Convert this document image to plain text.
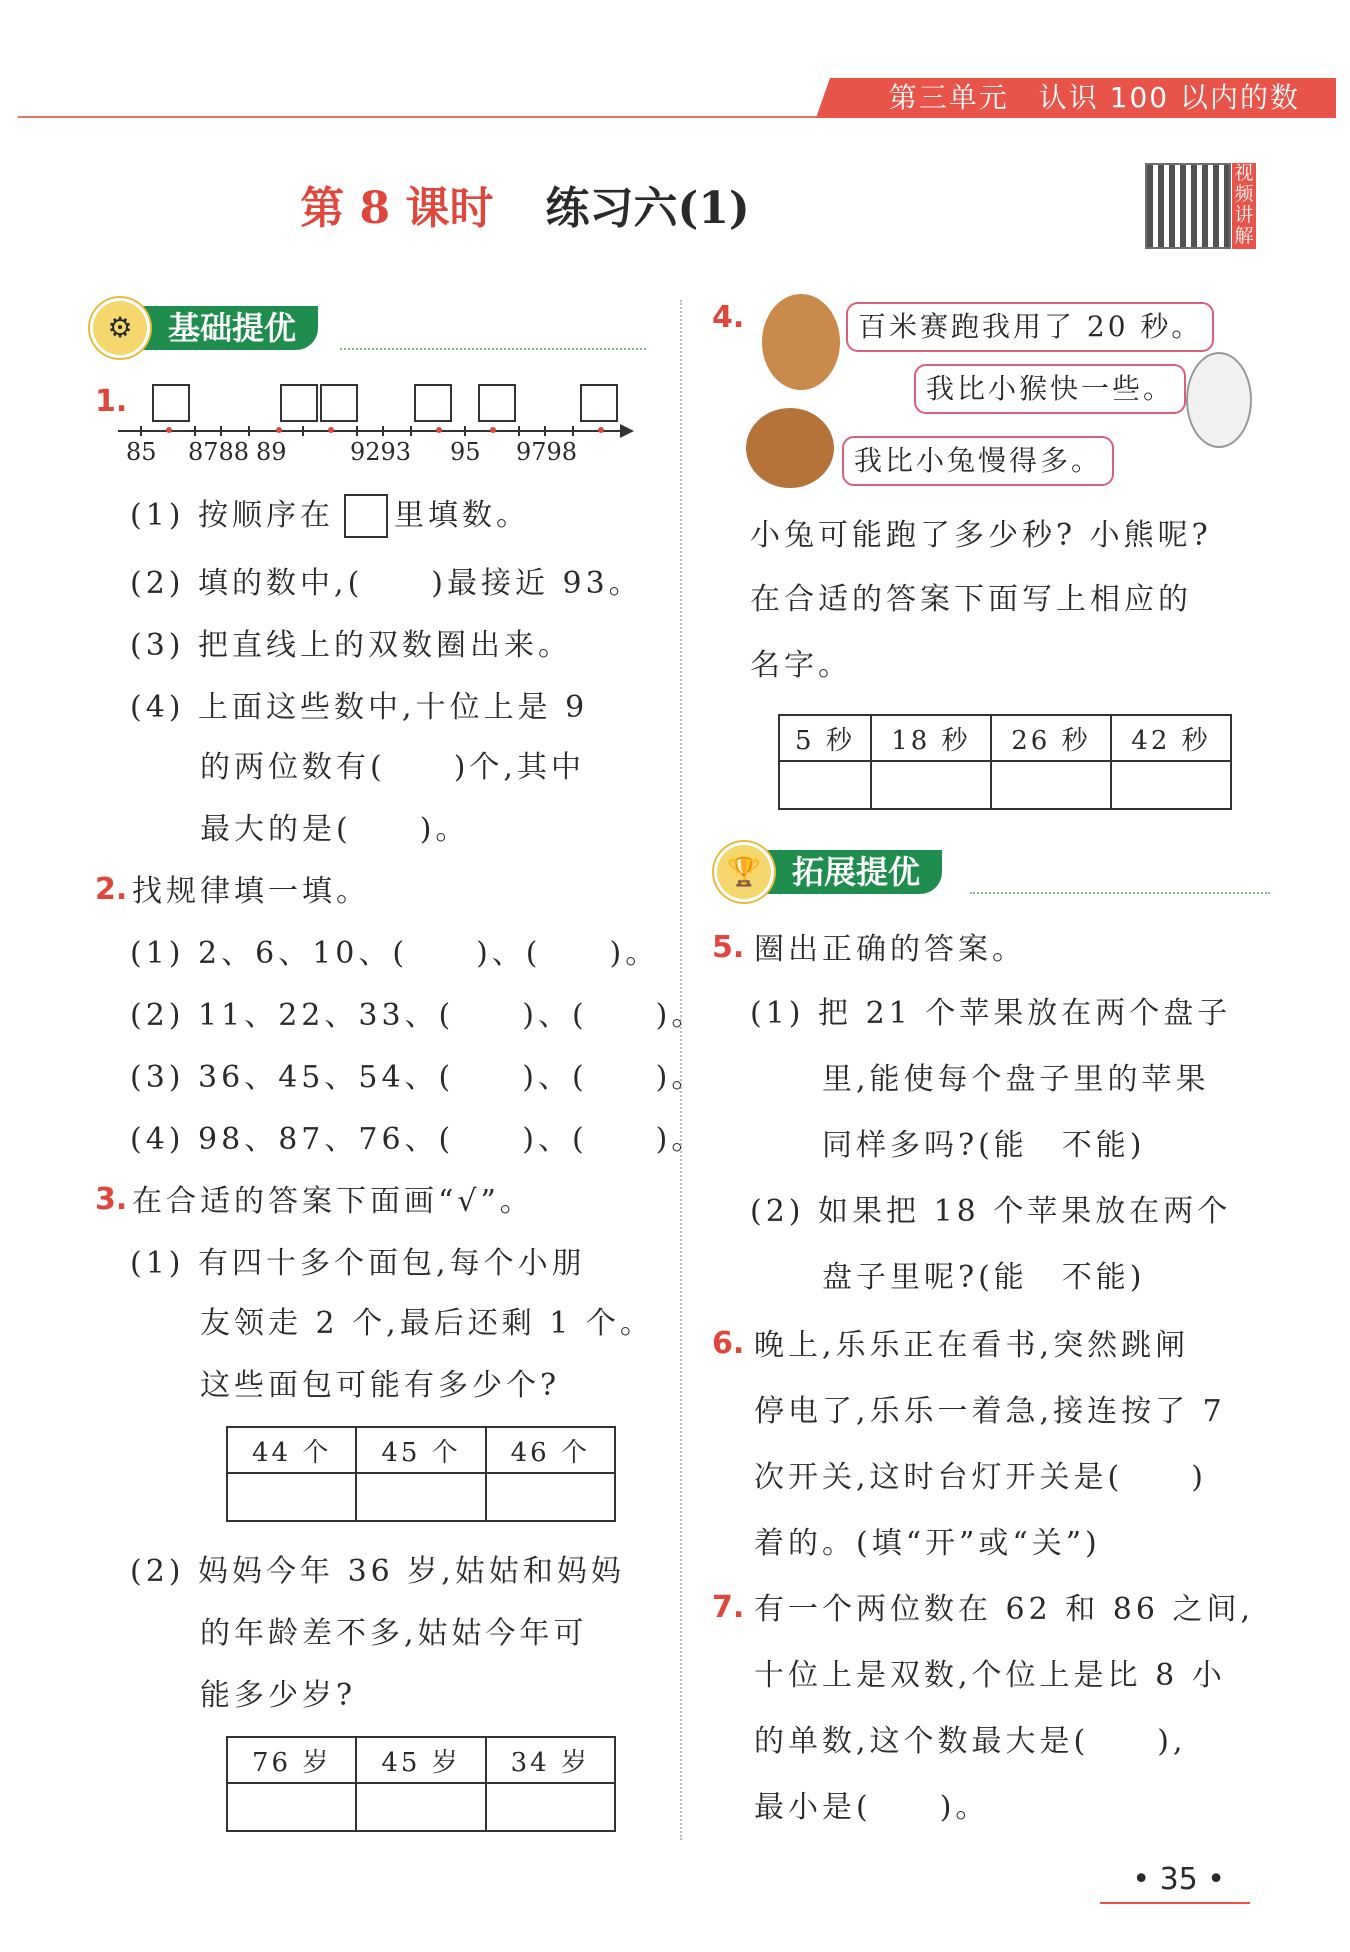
第三单元　认识 100 以内的数
第 8 课时 练习六(1)
视频讲解
基础提优
⚙
1.
85 8788 89	9293 95 9798
(1) 按顺序在 里填数。
(2) 填的数中,(　　)最接近 93。
(3) 把直线上的双数圈出来。
(4) 上面这些数中,十位上是 9
的两位数有(　　)个,其中
最大的是(　　)。
2. 找规律填一填。
(1) 2、6、10、(　　)、(　　)。
(2) 11、22、33、(　　)、(　　)。
(3) 36、45、54、(　　)、(　　)。
(4) 98、87、76、(　　)、(　　)。
3. 在合适的答案下面画“√”。
(1) 有四十多个面包,每个小朋
友领走 2 个,最后还剩 1 个。
这些面包可能有多少个?
44 个	45 个	46 个

(2) 妈妈今年 36 岁,姑姑和妈妈
的年龄差不多,姑姑今年可
能多少岁?
76 岁	45 岁	34 岁

4.	百米赛跑我用了 20 秒。
我比小猴快一些。
我比小兔慢得多。
小兔可能跑了多少秒? 小熊呢?
在合适的答案下面写上相应的
名字。
5 秒	18 秒	26 秒	42 秒

拓展提优
🏆
5. 圈出正确的答案。
(1) 把 21 个苹果放在两个盘子
里,能使每个盘子里的苹果
同样多吗?(能　不能)
(2) 如果把 18 个苹果放在两个
盘子里呢?(能　不能)
6. 晚上,乐乐正在看书,突然跳闸
停电了,乐乐一着急,接连按了 7
次开关,这时台灯开关是(　　)
着的。(填“开”或“关”)
7. 有一个两位数在 62 和 86 之间,
十位上是双数,个位上是比 8 小
的单数,这个数最大是(　　),
最小是(　　)。
• 35 •
